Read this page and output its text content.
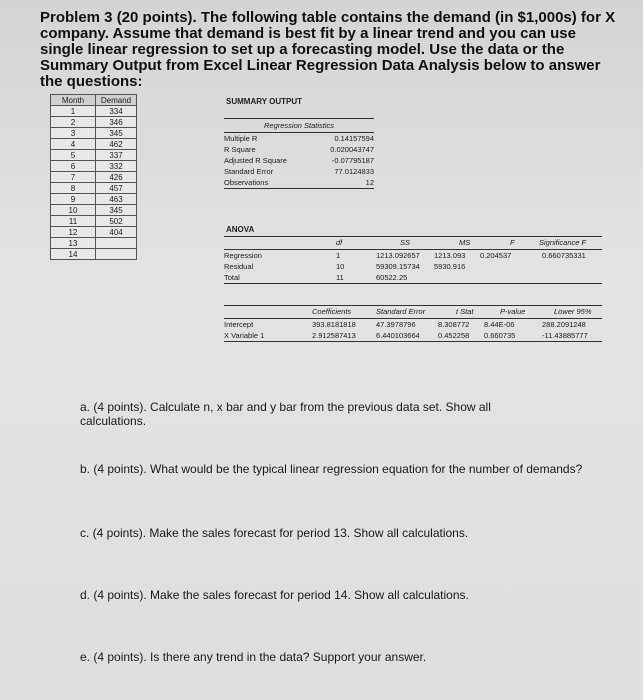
Problem 3 (20 points). The following table contains the demand (in $1,000s) for X company. Assume that demand is best fit by a linear trend and you can use single linear regression to set up a forecasting model. Use the data or the Summary Output from Excel Linear Regression Data Analysis below to answer the questions:
Month	Demand
1	334
2	346
3	345
4	462
5	337
6	332
7	426
8	457
9	463
10	345
11	502
12	404
13	
14	
SUMMARY OUTPUT
Regression Statistics
Multiple R	0.14157594
R Square	0.020043747
Adjusted R Square	-0.07795187
Standard Error	77.0124833
Observations	12
ANOVA
df	SS	MS	F	Significance F
Regression	1	1213.092657 1213.093 0.204537	0.660735331
Residual	10	59309.15734 5930.916
Total	11	60522.25
Coefficients	Standard Error	t Stat	P-value	Lower 95%
Intercept	393.8181818	47.3978796	8.308772 8.44E-06	288.2091248
X Variable 1	2.912587413	6.440103664 0.452258 0.660735	-11.43885777
a. (4 points). Calculate n, x bar and y bar from the previous data set. Show all calculations.
b. (4 points). What would be the typical linear regression equation for the number of demands?
c. (4 points). Make the sales forecast for period 13. Show all calculations.
d. (4 points). Make the sales forecast for period 14. Show all calculations.
e. (4 points). Is there any trend in the data? Support your answer.
